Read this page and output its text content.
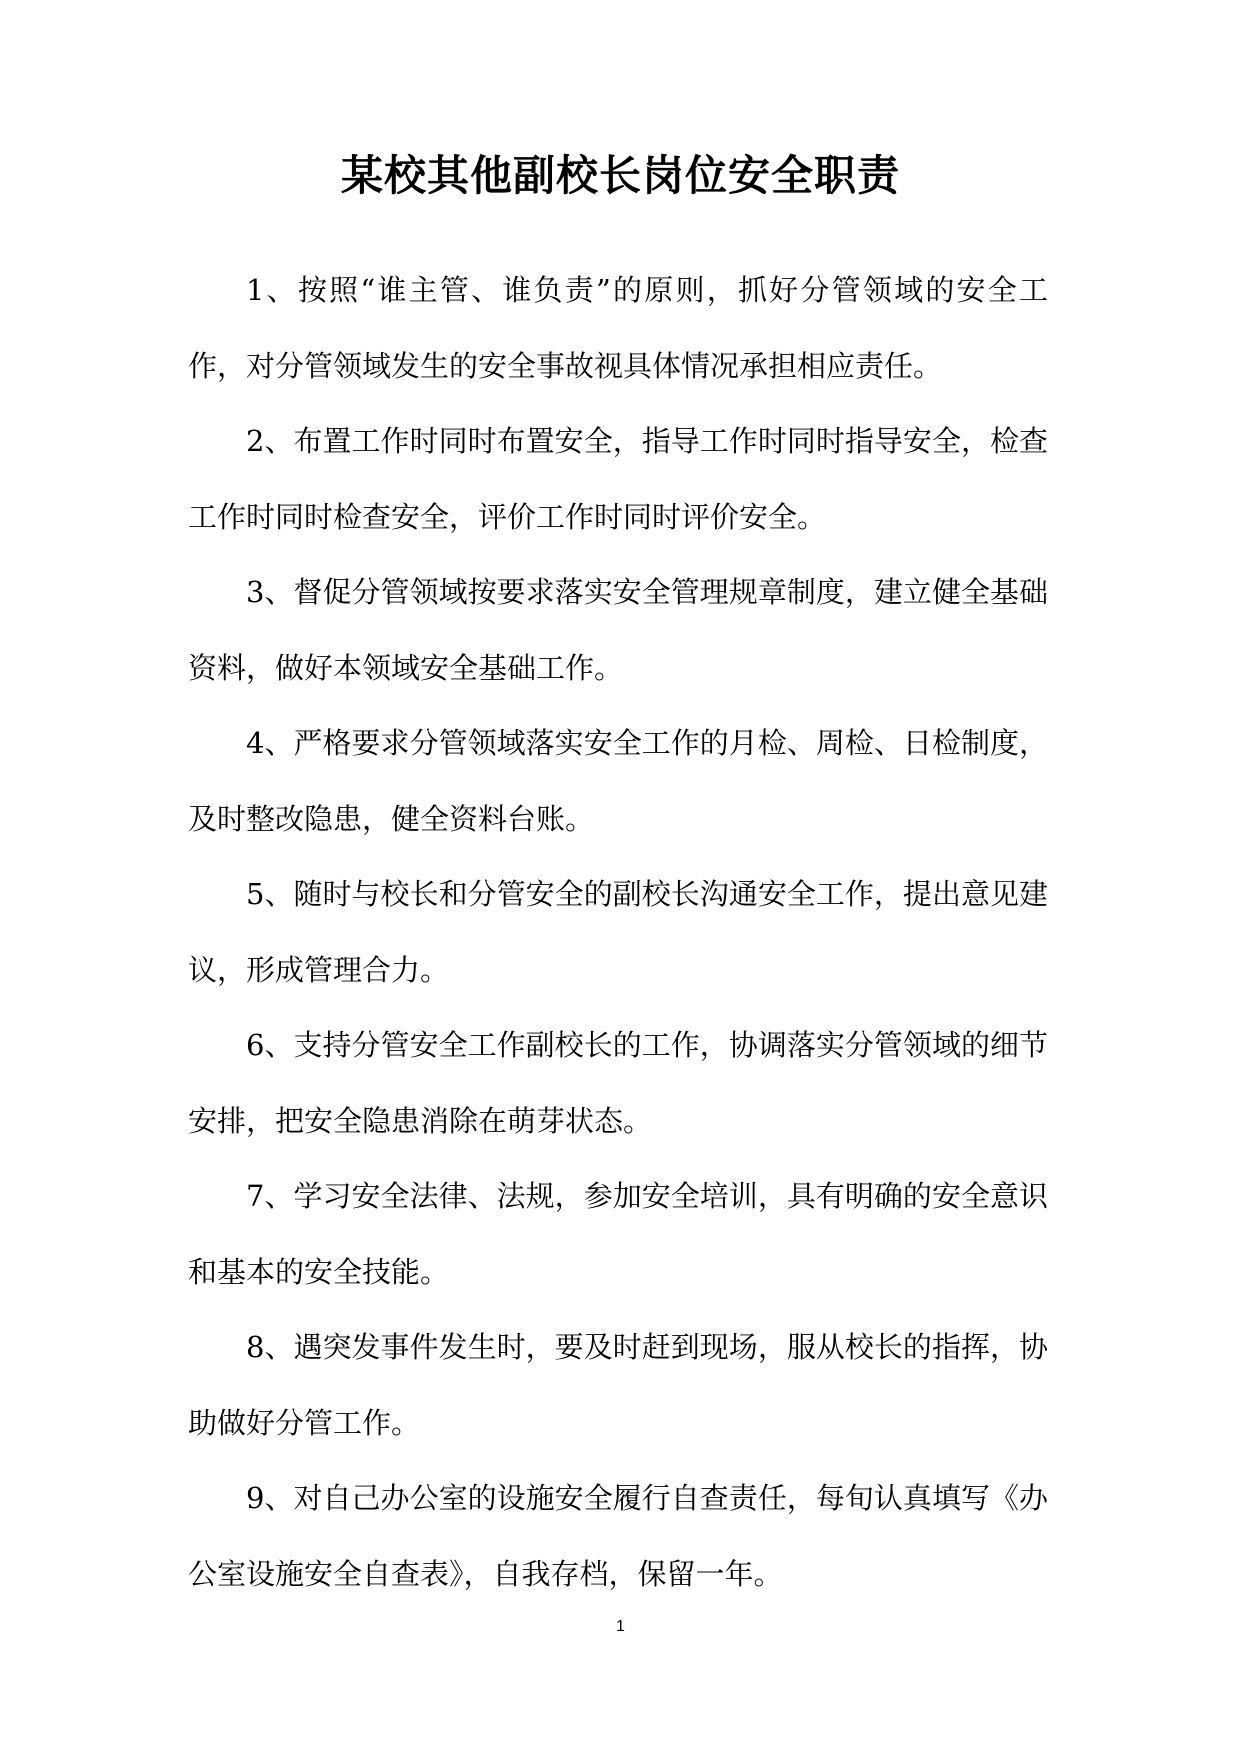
某校其他副校长岗位安全职责

1、按照“谁主管、谁负责”的原则，抓好分管领域的安全工作，对分管领域发生的安全事故视具体情况承担相应责任。

2、布置工作时同时布置安全，指导工作时同时指导安全，检查工作时同时检查安全，评价工作时同时评价安全。

3、督促分管领域按要求落实安全管理规章制度，建立健全基础资料，做好本领域安全基础工作。

4、严格要求分管领域落实安全工作的月检、周检、日检制度，及时整改隐患，健全资料台账。

5、随时与校长和分管安全的副校长沟通安全工作，提出意见建议，形成管理合力。

6、支持分管安全工作副校长的工作，协调落实分管领域的细节安排，把安全隐患消除在萌芽状态。

7、学习安全法律、法规，参加安全培训，具有明确的安全意识和基本的安全技能。

8、遇突发事件发生时，要及时赶到现场，服从校长的指挥，协助做好分管工作。

9、对自己办公室的设施安全履行自查责任，每旬认真填写《办公室设施安全自查表》，自我存档，保留一年。

1
